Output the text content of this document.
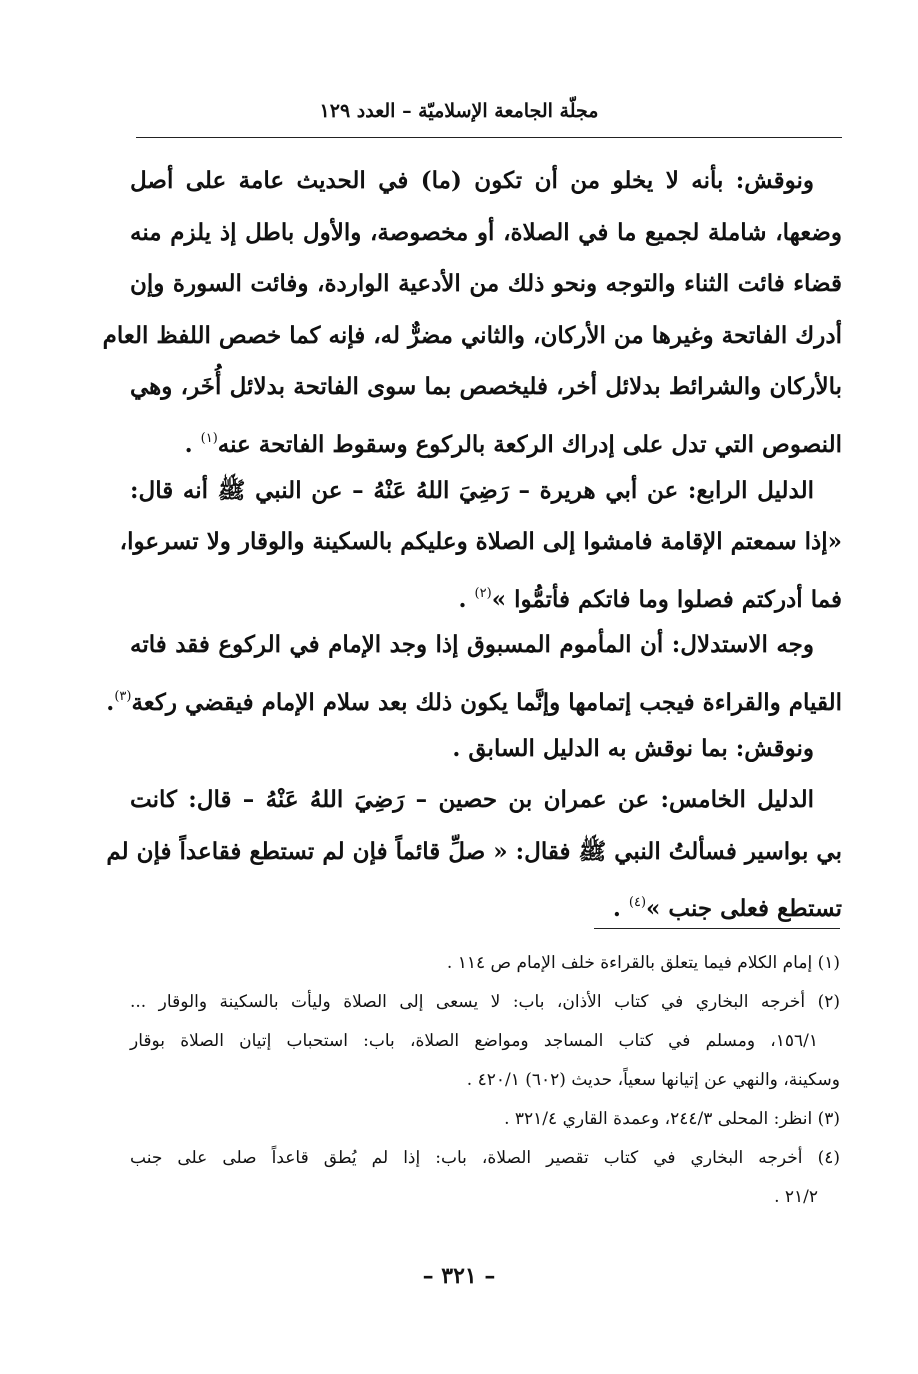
مجلّة الجامعة الإسلاميّة – العدد ١٢٩
ونوقش: بأنه لا يخلو من أن تكون (ما) في الحديث عامة على أصل
وضعها، شاملة لجميع ما في الصلاة، أو مخصوصة، والأول باطل إذ يلزم منه
قضاء فائت الثناء والتوجه ونحو ذلك من الأدعية الواردة، وفائت السورة وإن
أدرك الفاتحة وغيرها من الأركان، والثاني مضرٌّ له، فإنه كما خصص اللفظ العام
بالأركان والشرائط بدلائل أخر، فليخصص بما سوى الفاتحة بدلائل أُخَر، وهي
النصوص التي تدل على إدراك الركعة بالركوع وسقوط الفاتحة عنه$^{(١)}$ .
الدليل الرابع: عن أبي هريرة – رَضِيَ اللهُ عَنْهُ – عن النبي ﷺ أنه قال:
«إذا سمعتم الإقامة فامشوا إلى الصلاة وعليكم بالسكينة والوقار ولا تسرعوا،
فما أدركتم فصلوا وما فاتكم فأتمُّوا »$^{(٢)}$ .
وجه الاستدلال: أن المأموم المسبوق إذا وجد الإمام في الركوع فقد فاته
القيام والقراءة فيجب إتمامها وإنَّما يكون ذلك بعد سلام الإمام فيقضي ركعة$^{(٣)}$.
ونوقش: بما نوقش به الدليل السابق .
الدليل الخامس: عن عمران بن حصين – رَضِيَ اللهُ عَنْهُ – قال: كانت
بي بواسير فسألتُ النبي ﷺ فقال: « صلِّ قائماً فإن لم تستطع فقاعداً فإن لم
تستطع فعلى جنب »$^{(٤)}$ .
(١) إمام الكلام فيما يتعلق بالقراءة خلف الإمام ص ١١٤ .
(٢) أخرجه البخاري في كتاب الأذان، باب: لا يسعى إلى الصلاة وليأت بالسكينة والوقار ...
١٥٦/١، ومسلم في كتاب المساجد ومواضع الصلاة، باب: استحباب إتيان الصلاة بوقار
وسكينة، والنهي عن إتيانها سعياً، حديث (٦٠٢) ٤٢٠/١ .
(٣) انظر: المحلى ٢٤٤/٣، وعمدة القاري ٣٢١/٤ .
(٤) أخرجه البخاري في كتاب تقصير الصلاة، باب: إذا لم يُطق قاعداً صلى على جنب
٢١/٢ .
– ٣٢١ –
